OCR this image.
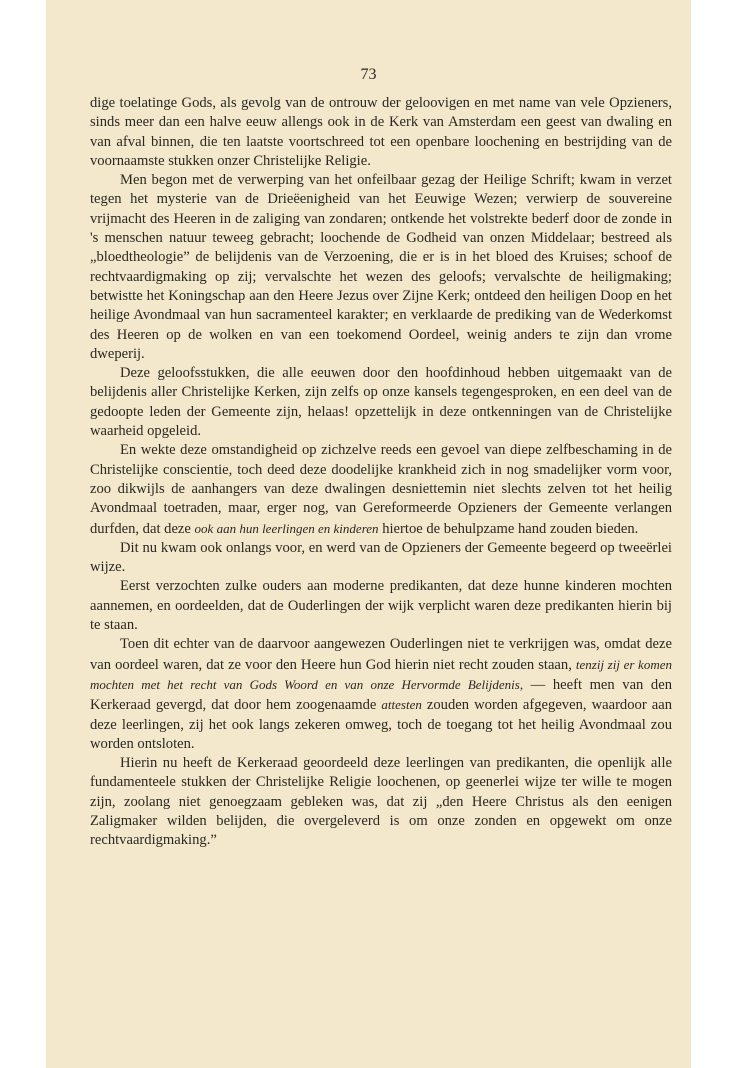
73

dige toelatinge Gods, als gevolg van de ontrouw der geloovigen en met name van vele Opzieners, sinds meer dan een halve eeuw allengs ook in de Kerk van Amsterdam een geest van dwaling en van afval binnen, die ten laatste voortschreed tot een openbare loochening en bestrijding van de voornaamste stukken onzer Christelijke Religie.

Men begon met de verwerping van het onfeilbaar gezag der Heilige Schrift; kwam in verzet tegen het mysterie van de Drieëenigheid van het Eeuwige Wezen; verwierp de souvereine vrijmacht des Heeren in de zaliging van zondaren; ontkende het volstrekte bederf door de zonde in 's menschen natuur teweeg gebracht; loochende de Godheid van onzen Middelaar; bestreed als „bloedtheologie” de belijdenis van de Verzoening, die er is in het bloed des Kruises; schoof de rechtvaardigmaking op zij; vervalschte het wezen des geloofs; vervalschte de heiligmaking; betwistte het Koningschap aan den Heere Jezus over Zijne Kerk; ontdeed den heiligen Doop en het heilige Avondmaal van hun sacramenteel karakter; en verklaarde de prediking van de Wederkomst des Heeren op de wolken en van een toekomend Oordeel, weinig anders te zijn dan vrome dweperij.

Deze geloofsstukken, die alle eeuwen door den hoofdinhoud hebben uitgemaakt van de belijdenis aller Christelijke Kerken, zijn zelfs op onze kansels tegengesproken, en een deel van de gedoopte leden der Gemeente zijn, helaas! opzettelijk in deze ontkenningen van de Christelijke waarheid opgeleid.

En wekte deze omstandigheid op zichzelve reeds een gevoel van diepe zelfbeschaming in de Christelijke conscientie, toch deed deze doodelijke krankheid zich in nog smadelijker vorm voor, zoo dikwijls de aanhangers van deze dwalingen desniettemin niet slechts zelven tot het heilig Avondmaal toetraden, maar, erger nog, van Gereformeerde Opzieners der Gemeente verlangen durfden, dat deze ook aan hun leerlingen en kinderen hiertoe de behulpzame hand zouden bieden.

Dit nu kwam ook onlangs voor, en werd van de Opzieners der Gemeente begeerd op tweeërlei wijze.

Eerst verzochten zulke ouders aan moderne predikanten, dat deze hunne kinderen mochten aannemen, en oordeelden, dat de Ouderlingen der wijk verplicht waren deze predikanten hierin bij te staan.

Toen dit echter van de daarvoor aangewezen Ouderlingen niet te verkrijgen was, omdat deze van oordeel waren, dat ze voor den Heere hun God hierin niet recht zouden staan, tenzij zij er komen mochten met het recht van Gods Woord en van onze Hervormde Belijdenis, — heeft men van den Kerkeraad gevergd, dat door hem zoogenaamde attesten zouden worden afgegeven, waardoor aan deze leerlingen, zij het ook langs zekeren omweg, toch de toegang tot het heilig Avondmaal zou worden ontsloten.

Hierin nu heeft de Kerkeraad geoordeeld deze leerlingen van predikanten, die openlijk alle fundamenteele stukken der Christelijke Religie loochenen, op geenerlei wijze ter wille te mogen zijn, zoolang niet genoegzaam gebleken was, dat zij „den Heere Christus als den eenigen Zaligmaker wilden belijden, die overgeleverd is om onze zonden en opgewekt om onze rechtvaardigmaking.”
